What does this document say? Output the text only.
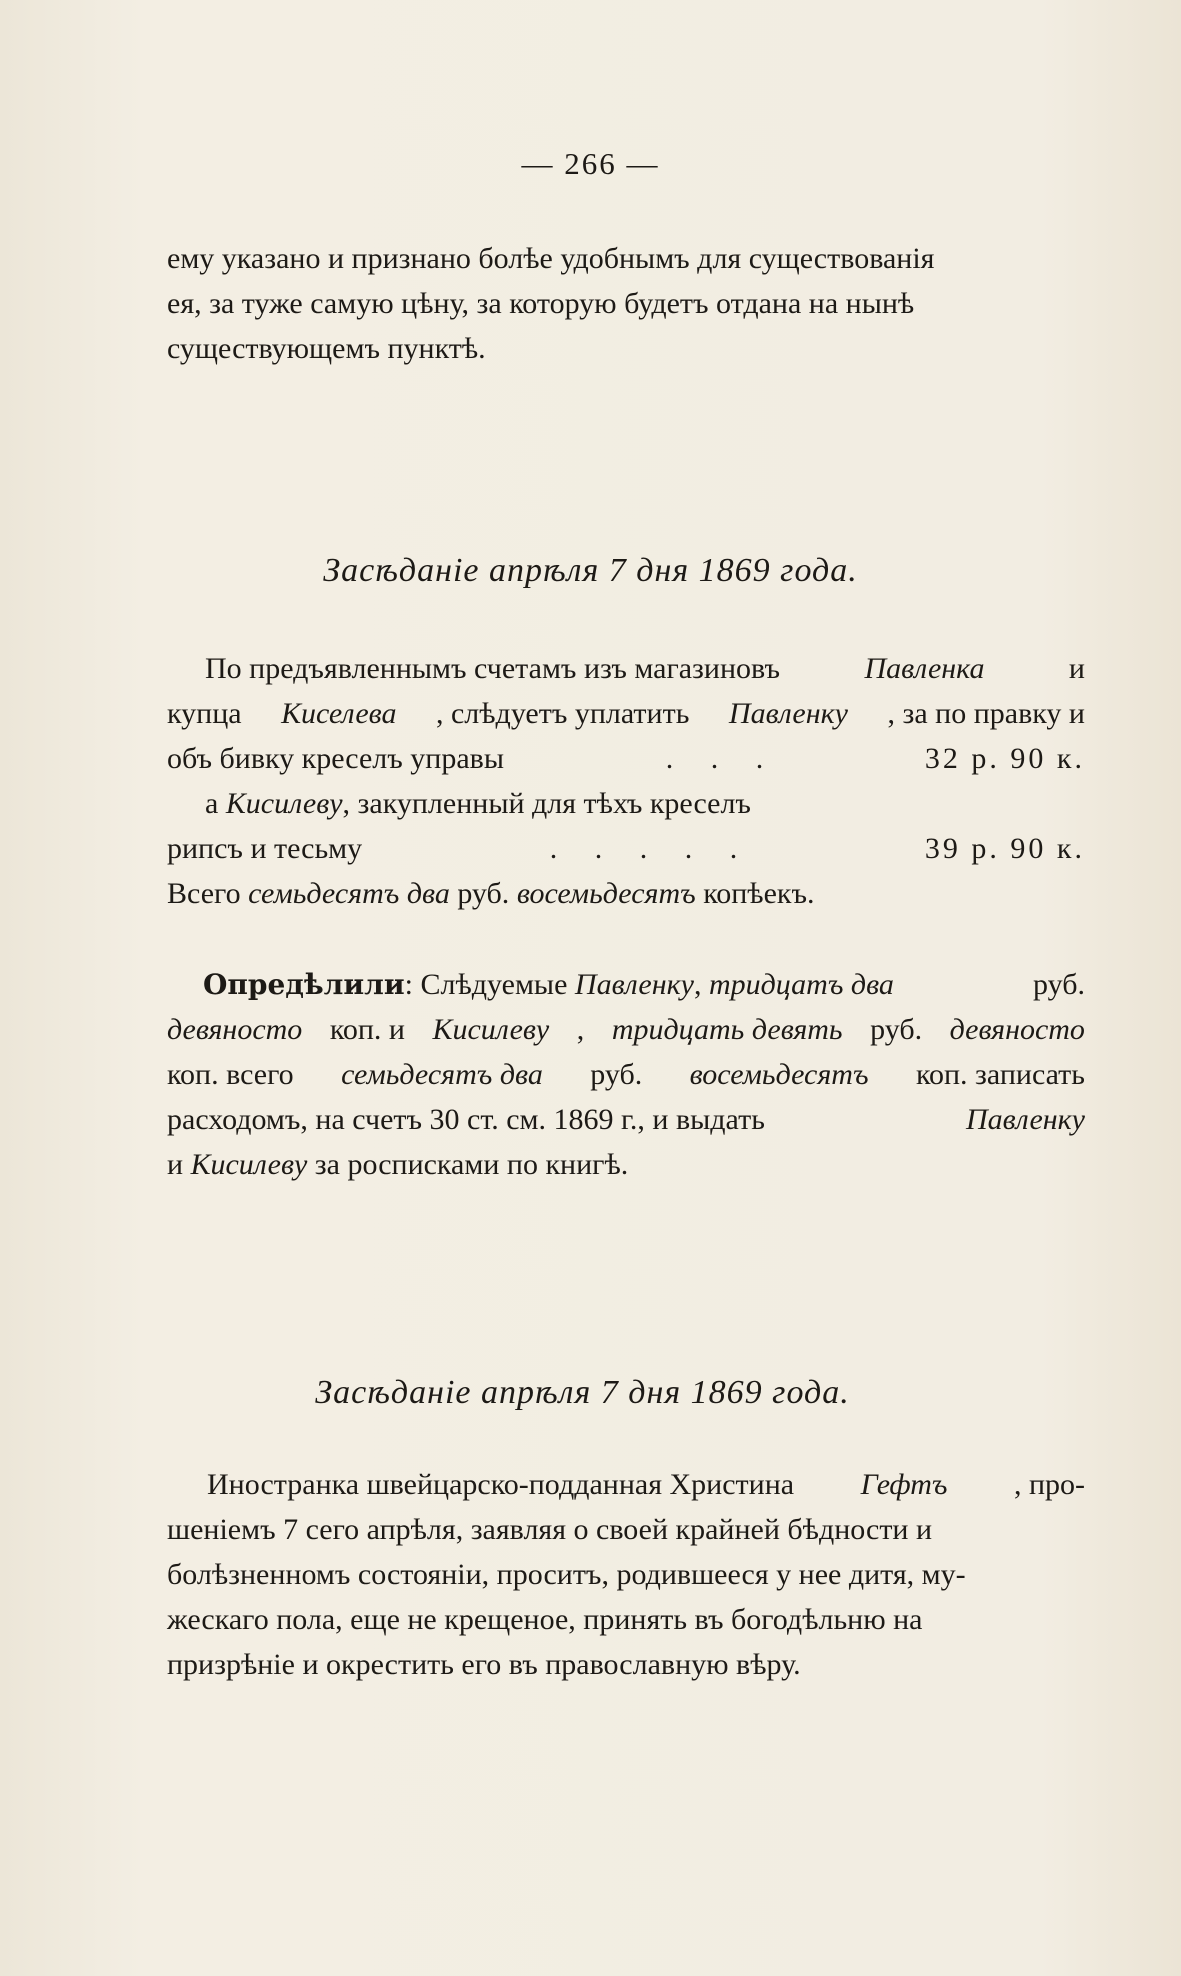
— 266 —
ему указано и признано болѣе удобнымъ для существованія
ея, за туже самую цѣну, за которую будетъ отдана на нынѣ
существующемъ пунктѣ.
Засѣданіе апрѣля 7 дня 1869 года.
По предъявленнымъ счетамъ изъ магазиновъ	Павленка	и
купца Киселева , слѣдуетъ уплатить Павленку , за по правку и
объ бивку креселъ управы	.     .     .	32 р. 90 к.
а Кисилеву, закупленный для тѣхъ креселъ
рипсъ и тесьму	.     .     .     .     .	39 р. 90 к.
Всего семьдесятъ два руб. восемьдесятъ копѣекъ.
Опредѣлили: Слѣдуемые Павленку, тридцатъ два	руб.
девяносто коп. и Кисилеву , тридцать девять руб. девяносто
коп. всего семьдесятъ два руб. восемьдесятъ коп. записать
расходомъ, на счетъ 30 ст. см. 1869 г., и выдать	Павленку
и Кисилеву за росписками по книгѣ.
Засѣданіе апрѣля 7 дня 1869 года.
Иностранка швейцарско-подданная Христина Гефтъ , про-
шеніемъ 7 сего апрѣля, заявляя о своей крайней бѣдности и
болѣзненномъ состояніи, проситъ, родившееся у нее дитя, му-
жескаго пола, еще не крещеное, принять въ богодѣльню на
призрѣніе и окрестить его въ православную вѣру.
